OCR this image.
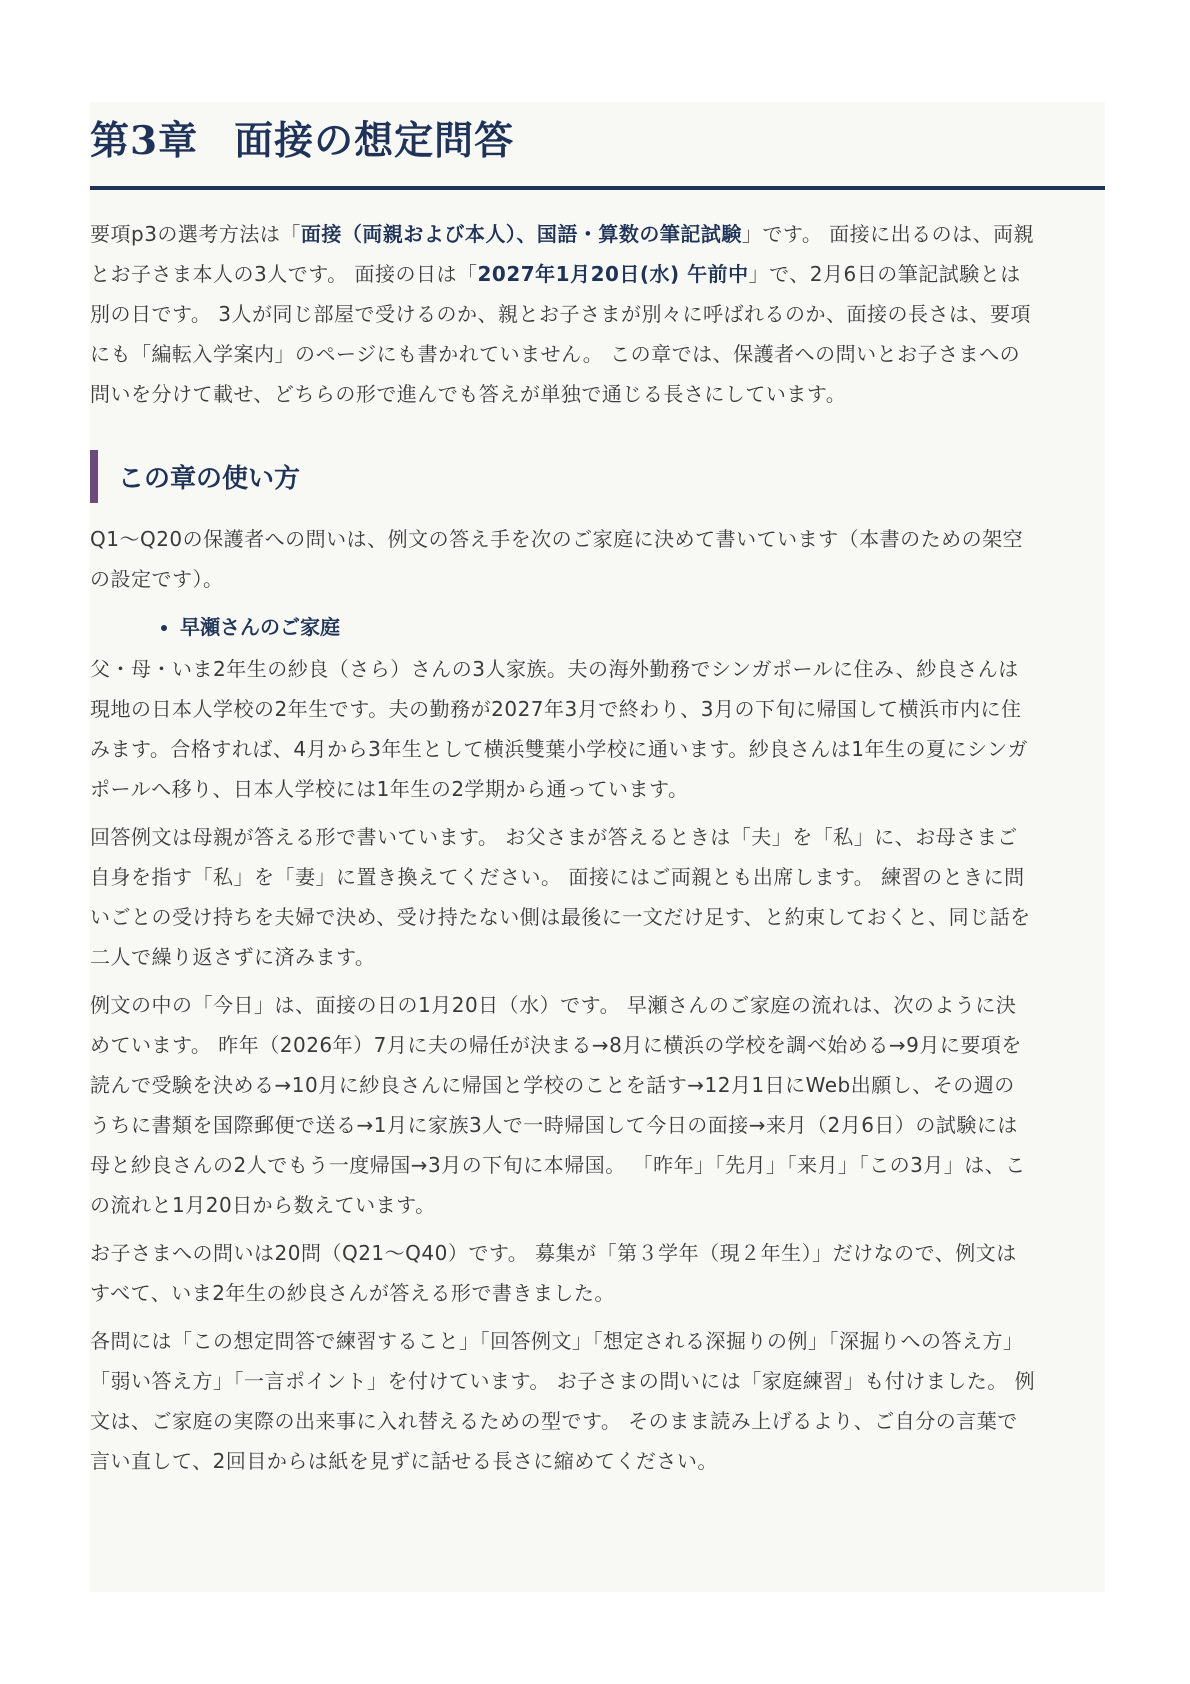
第3章 面接の想定問答

要項p3の選考方法は「面接（両親および本人）、国語・算数の筆記試験」です。 面接に出るのは、両親
とお子さま本人の3人です。 面接の日は「2027年1月20日(水) 午前中」で、2月6日の筆記試験とは
別の日です。 3人が同じ部屋で受けるのか、親とお子さまが別々に呼ばれるのか、面接の長さは、要項
にも「編転入学案内」のページにも書かれていません。 この章では、保護者への問いとお子さまへの
問いを分けて載せ、どちらの形で進んでも答えが単独で通じる長さにしています。

この章の使い方

Q1〜Q20の保護者への問いは、例文の答え手を次のご家庭に決めて書いています（本書のための架空
の設定です）。

• 早瀬さんのご家庭

父・母・いま2年生の紗良（さら）さんの3人家族。夫の海外勤務でシンガポールに住み、紗良さんは
現地の日本人学校の2年生です。夫の勤務が2027年3月で終わり、3月の下旬に帰国して横浜市内に住
みます。合格すれば、4月から3年生として横浜雙葉小学校に通います。紗良さんは1年生の夏にシンガ
ポールへ移り、日本人学校には1年生の2学期から通っています。

回答例文は母親が答える形で書いています。 お父さまが答えるときは「夫」を「私」に、お母さまご
自身を指す「私」を「妻」に置き換えてください。 面接にはご両親とも出席します。 練習のときに問
いごとの受け持ちを夫婦で決め、受け持たない側は最後に一文だけ足す、と約束しておくと、同じ話を
二人で繰り返さずに済みます。

例文の中の「今日」は、面接の日の1月20日（水）です。 早瀬さんのご家庭の流れは、次のように決
めています。 昨年（2026年）7月に夫の帰任が決まる→8月に横浜の学校を調べ始める→9月に要項を
読んで受験を決める→10月に紗良さんに帰国と学校のことを話す→12月1日にWeb出願し、その週の
うちに書類を国際郵便で送る→1月に家族3人で一時帰国して今日の面接→来月（2月6日）の試験には
母と紗良さんの2人でもう一度帰国→3月の下旬に本帰国。 「昨年」「先月」「来月」「この3月」は、こ
の流れと1月20日から数えています。

お子さまへの問いは20問（Q21〜Q40）です。 募集が「第３学年（現２年生）」だけなので、例文は
すべて、いま2年生の紗良さんが答える形で書きました。

各問には「この想定問答で練習すること」「回答例文」「想定される深掘りの例」「深掘りへの答え方」
「弱い答え方」「一言ポイント」を付けています。 お子さまの問いには「家庭練習」も付けました。 例
文は、ご家庭の実際の出来事に入れ替えるための型です。 そのまま読み上げるより、ご自分の言葉で
言い直して、2回目からは紙を見ずに話せる長さに縮めてください。
